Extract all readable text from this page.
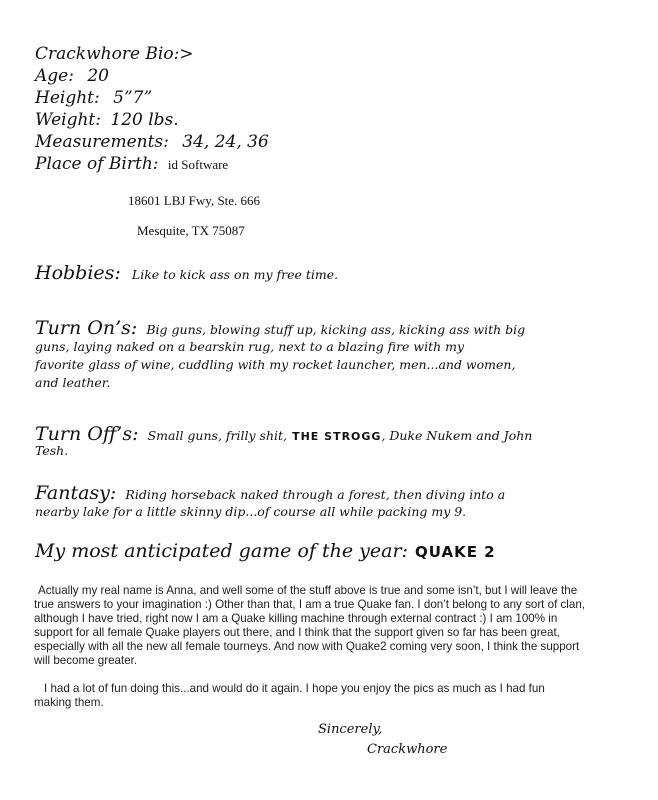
Crackwhore Bio:>
Age: 20
Height: 5”7”
Weight: 120 lbs.
Measurements: 34, 24, 36
Place of Birth: id Software
18601 LBJ Fwy, Ste. 666
Mesquite, TX 75087
Hobbies: Like to kick ass on my free time.
Turn On’s: Big guns, blowing stuff up, kicking ass, kicking ass with big
guns, laying naked on a bearskin rug, next to a blazing fire with my
favorite glass of wine, cuddling with my rocket launcher, men...and women,
and leather.
Turn Off’s: Small guns, frilly shit, THE STROGG, Duke Nukem and John
Tesh.
Fantasy: Riding horseback naked through a forest, then diving into a
nearby lake for a little skinny dip...of course all while packing my 9.
My most anticipated game of the year: QUAKE 2
Actually my real name is Anna, and well some of the stuff above is true and some isn’t, but I will leave the
true answers to your imagination :) Other than that, I am a true Quake fan. I don’t belong to any sort of clan,
although I have tried, right now I am a Quake killing machine through external contract :) I am 100% in
support for all female Quake players out there, and I think that the support given so far has been great,
especially with all the new all female tourneys. And now with Quake2 coming very soon, I think the support
will become greater.
I had a lot of fun doing this...and would do it again. I hope you enjoy the pics as much as I had fun
making them.
Sincerely,
Crackwhore
